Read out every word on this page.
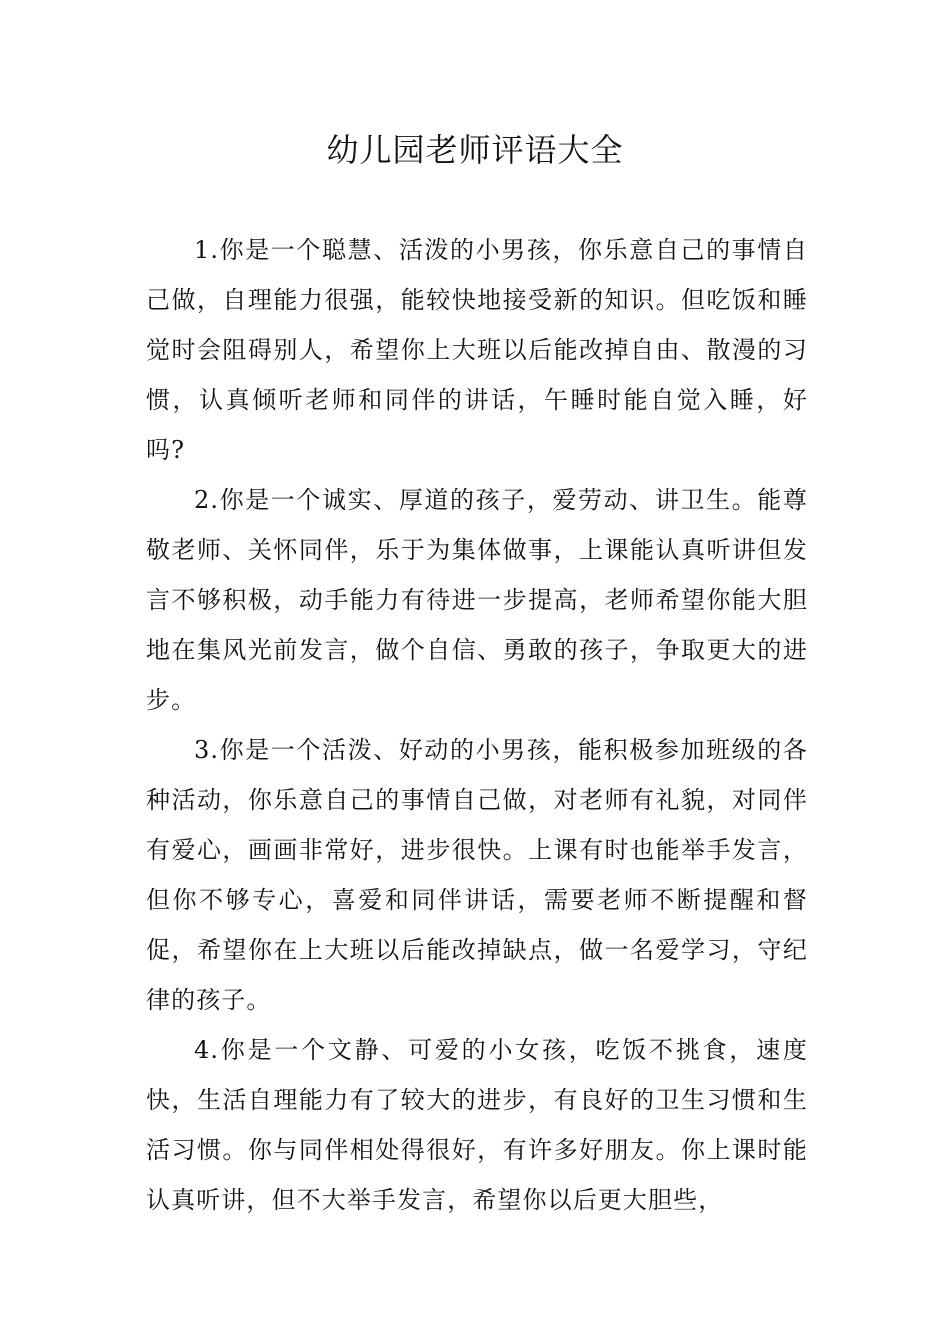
幼儿园老师评语大全

1.你是一个聪慧、活泼的小男孩，你乐意自己的事情自己做，自理能力很强，能较快地接受新的知识。但吃饭和睡觉时会阻碍别人，希望你上大班以后能改掉自由、散漫的习惯，认真倾听老师和同伴的讲话，午睡时能自觉入睡，好吗?

2.你是一个诚实、厚道的孩子，爱劳动、讲卫生。能尊敬老师、关怀同伴，乐于为集体做事，上课能认真听讲但发言不够积极，动手能力有待进一步提高，老师希望你能大胆地在集风光前发言，做个自信、勇敢的孩子，争取更大的进步。

3.你是一个活泼、好动的小男孩，能积极参加班级的各种活动，你乐意自己的事情自己做，对老师有礼貌，对同伴有爱心，画画非常好，进步很快。上课有时也能举手发言，但你不够专心，喜爱和同伴讲话，需要老师不断提醒和督促，希望你在上大班以后能改掉缺点，做一名爱学习，守纪律的孩子。

4.你是一个文静、可爱的小女孩，吃饭不挑食，速度快，生活自理能力有了较大的进步，有良好的卫生习惯和生活习惯。你与同伴相处得很好，有许多好朋友。你上课时能认真听讲，但不大举手发言，希望你以后更大胆些，
